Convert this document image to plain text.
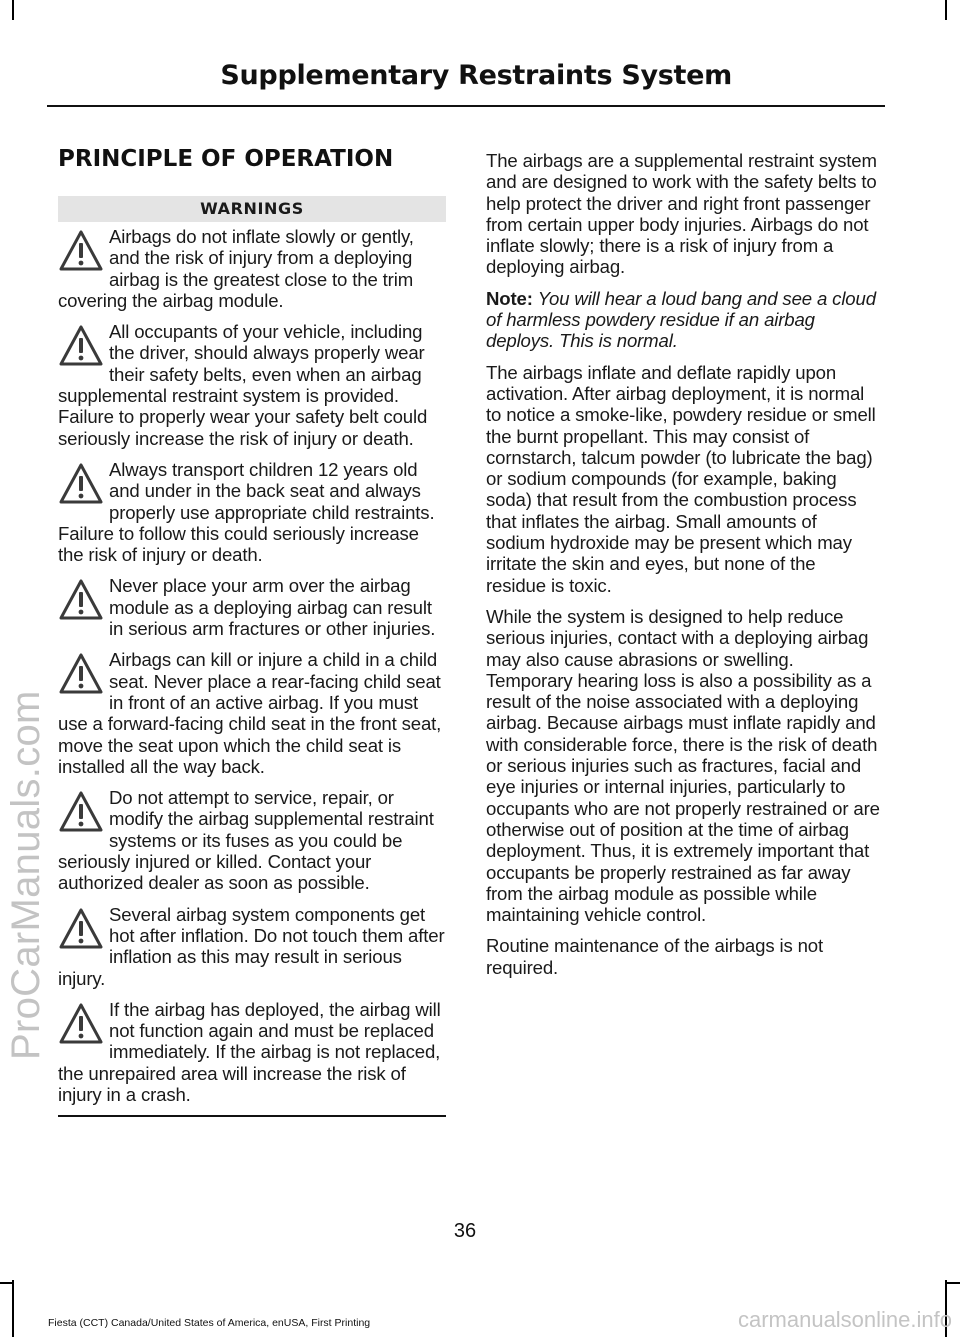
Supplementary Restraints System
ProCarManuals.com
PRINCIPLE OF OPERATION
WARNINGS
Airbags do not inflate slowly or gently, and the risk of injury from a deploying airbag is the greatest close to the trim covering the airbag module.
All occupants of your vehicle, including the driver, should always properly wear their safety belts, even when an airbag supplemental restraint system is provided. Failure to properly wear your safety belt could seriously increase the risk of injury or death.
Always transport children 12 years old and under in the back seat and always properly use appropriate child restraints. Failure to follow this could seriously increase the risk of injury or death.
Never place your arm over the airbag module as a deploying airbag can result in serious arm fractures or other injuries.
Airbags can kill or injure a child in a child seat. Never place a rear-facing child seat in front of an active airbag. If you must use a forward-facing child seat in the front seat, move the seat upon which the child seat is installed all the way back.
Do not attempt to service, repair, or modify the airbag supplemental restraint systems or its fuses as you could be seriously injured or killed. Contact your authorized dealer as soon as possible.
Several airbag system components get hot after inflation. Do not touch them after inflation as this may result in serious injury.
If the airbag has deployed, the airbag will not function again and must be replaced immediately. If the airbag is not replaced, the unrepaired area will increase the risk of injury in a crash.

The airbags are a supplemental restraint system and are designed to work with the safety belts to help protect the driver and right front passenger from certain upper body injuries. Airbags do not inflate slowly; there is a risk of injury from a deploying airbag.

Note: You will hear a loud bang and see a cloud of harmless powdery residue if an airbag deploys. This is normal.

The airbags inflate and deflate rapidly upon activation. After airbag deployment, it is normal to notice a smoke-like, powdery residue or smell the burnt propellant. This may consist of cornstarch, talcum powder (to lubricate the bag) or sodium compounds (for example, baking soda) that result from the combustion process that inflates the airbag. Small amounts of sodium hydroxide may be present which may irritate the skin and eyes, but none of the residue is toxic.

While the system is designed to help reduce serious injuries, contact with a deploying airbag may also cause abrasions or swelling. Temporary hearing loss is also a possibility as a result of the noise associated with a deploying airbag. Because airbags must inflate rapidly and with considerable force, there is the risk of death or serious injuries such as fractures, facial and eye injuries or internal injuries, particularly to occupants who are not properly restrained or are otherwise out of position at the time of airbag deployment. Thus, it is extremely important that occupants be properly restrained as far away from the airbag module as possible while maintaining vehicle control.

Routine maintenance of the airbags is not required.

36
Fiesta (CCT) Canada/United States of America, enUSA, First Printing	carmanualsonline.info
